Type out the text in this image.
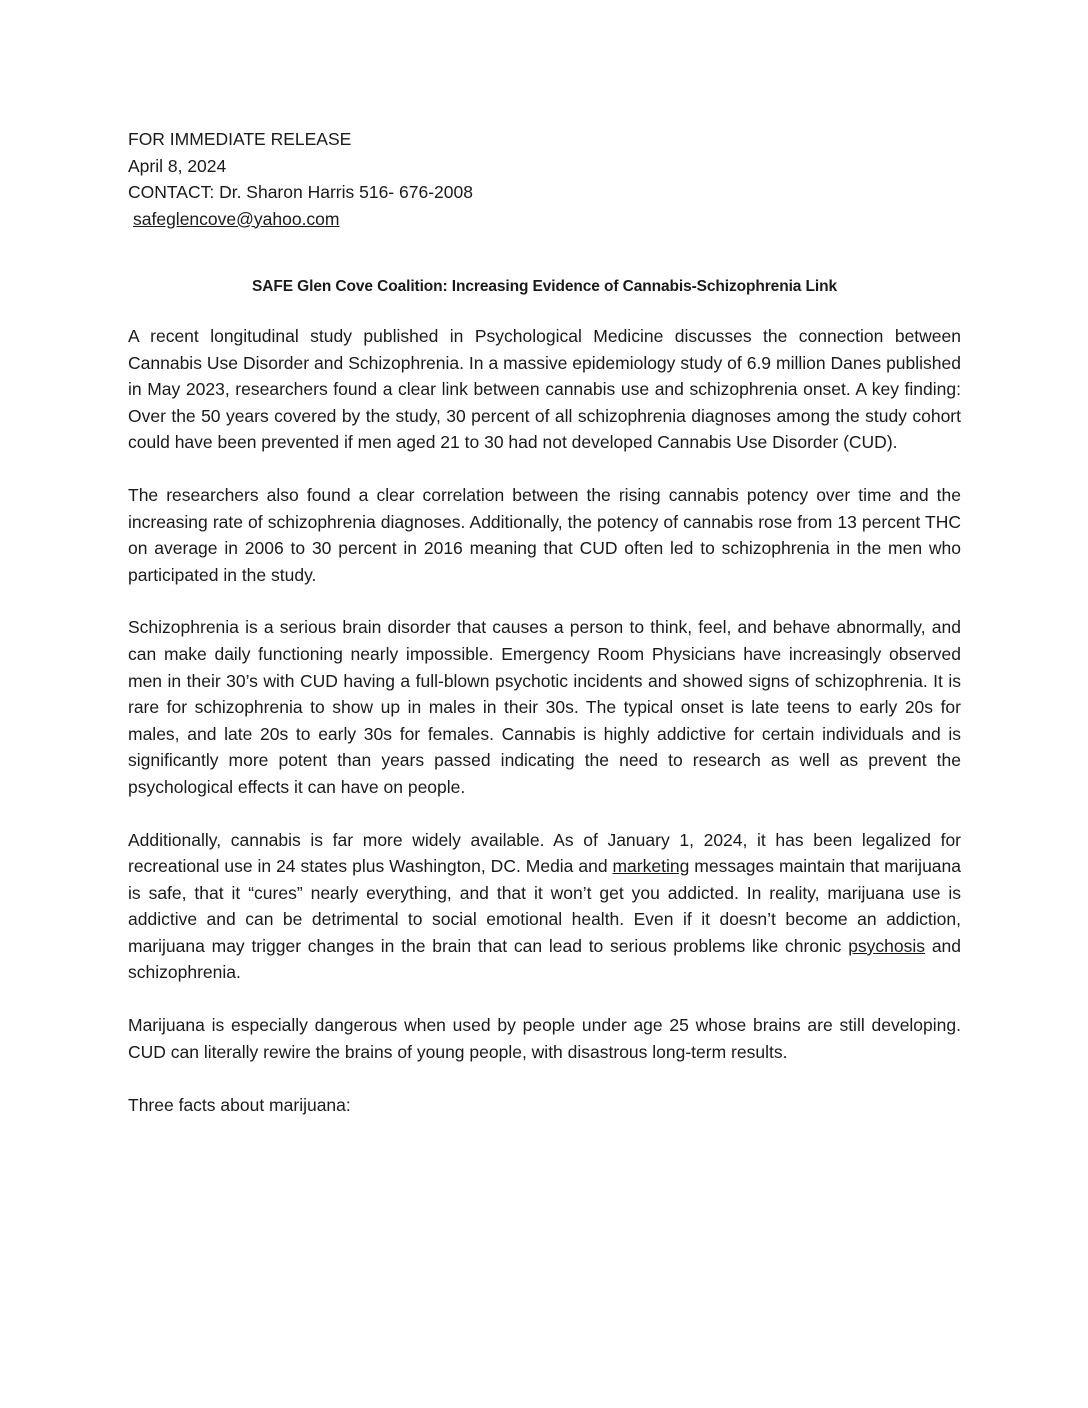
FOR IMMEDIATE RELEASE
April 8, 2024
CONTACT: Dr. Sharon Harris 516- 676-2008
safeglencove@yahoo.com
SAFE Glen Cove Coalition: Increasing Evidence of Cannabis-Schizophrenia Link

A recent longitudinal study published in Psychological Medicine discusses the connection between Cannabis Use Disorder and Schizophrenia. In a massive epidemiology study of 6.9 million Danes published in May 2023, researchers found a clear link between cannabis use and schizophrenia onset. A key finding: Over the 50 years covered by the study, 30 percent of all schizophrenia diagnoses among the study cohort could have been prevented if men aged 21 to 30 had not developed Cannabis Use Disorder (CUD).

The researchers also found a clear correlation between the rising cannabis potency over time and the increasing rate of schizophrenia diagnoses. Additionally, the potency of cannabis rose from 13 percent THC on average in 2006 to 30 percent in 2016 meaning that CUD often led to schizophrenia in the men who participated in the study.

Schizophrenia is a serious brain disorder that causes a person to think, feel, and behave abnormally, and can make daily functioning nearly impossible. Emergency Room Physicians have increasingly observed men in their 30’s with CUD having a full-blown psychotic incidents and showed signs of schizophrenia. It is rare for schizophrenia to show up in males in their 30s. The typical onset is late teens to early 20s for males, and late 20s to early 30s for females. Cannabis is highly addictive for certain individuals and is significantly more potent than years passed indicating the need to research as well as prevent the psychological effects it can have on people.

Additionally, cannabis is far more widely available. As of January 1, 2024, it has been legalized for recreational use in 24 states plus Washington, DC. Media and marketing messages maintain that marijuana is safe, that it “cures” nearly everything, and that it won’t get you addicted. In reality, marijuana use is addictive and can be detrimental to social emotional health. Even if it doesn’t become an addiction, marijuana may trigger changes in the brain that can lead to serious problems like chronic psychosis and schizophrenia.

Marijuana is especially dangerous when used by people under age 25 whose brains are still developing. CUD can literally rewire the brains of young people, with disastrous long-term results.

Three facts about marijuana:
